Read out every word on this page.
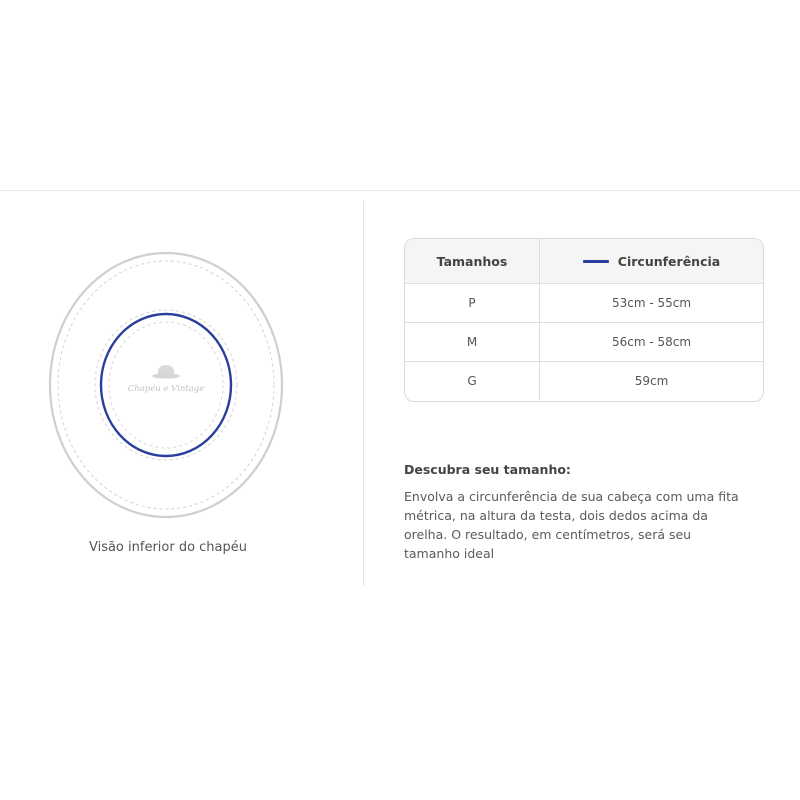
Chapéu e Vintage
Visão inferior do chapéu
Tamanhos	Circunferência
P	53cm - 55cm
M	56cm - 58cm
G	59cm
Descubra seu tamanho:

Envolva a circunferência de sua cabeça com uma fita métrica, na altura da testa, dois dedos acima da orelha. O resultado, em centímetros, será seu tamanho ideal
